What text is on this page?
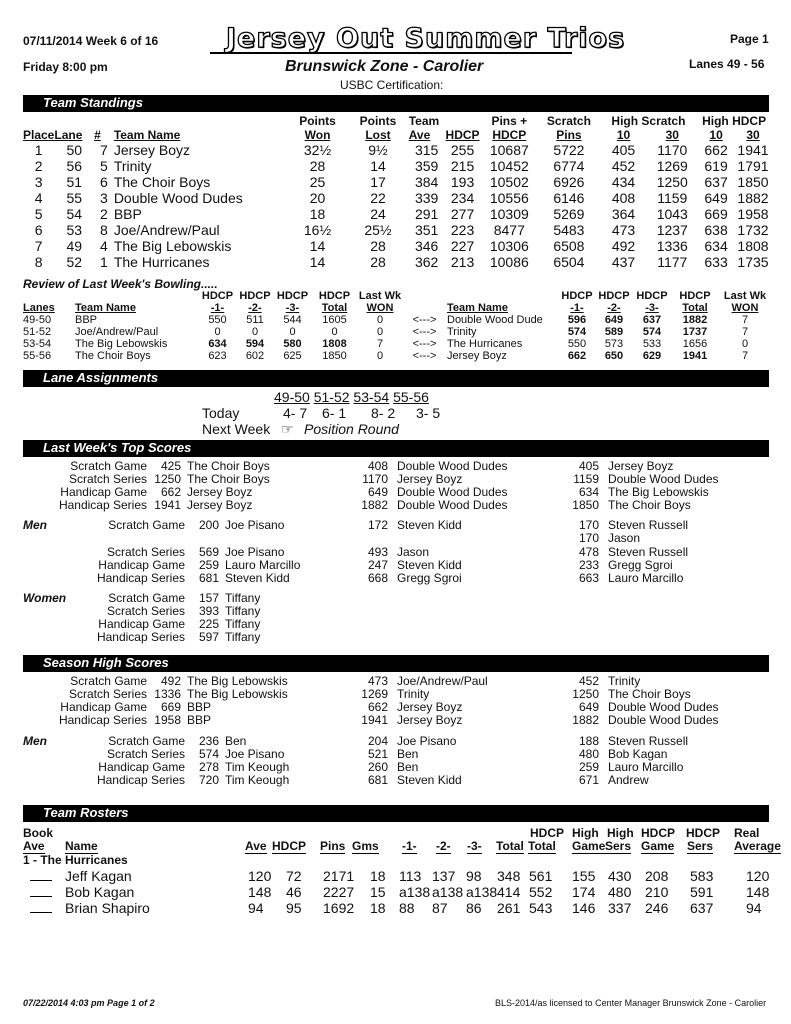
07/11/2014 Week 6 of 16	Jersey Out Summer Trios	Page 1
Friday 8:00 pm	Brunswick Zone - Carolier	Lanes 49 - 56
USBC Certification:
Team Standings
				Points	Points	Team		Pins +	Scratch	High Scratch		High HDCP	
Place	Lane	#	Team Name	Won	Lost	Ave	HDCP	HDCP	Pins	10	30	10	30
1	50	7	Jersey Boyz	32½	9½	315	255	10687	5722	405	1170	662	1941
2	56	5	Trinity	28	14	359	215	10452	6774	452	1269	619	1791
3	51	6	The Choir Boys	25	17	384	193	10502	6926	434	1250	637	1850
4	55	3	Double Wood Dudes	20	22	339	234	10556	6146	408	1159	649	1882
5	54	2	BBP	18	24	291	277	10309	5269	364	1043	669	1958
6	53	8	Joe/Andrew/Paul	16½	25½	351	223	8477	5483	473	1237	638	1732
7	49	4	The Big Lebowskis	14	28	346	227	10306	6508	492	1336	634	1808
8	52	1	The Hurricanes	14	28	362	213	10086	6504	437	1177	633	1735
Review of Last Week's Bowling.....
		HDCP	HDCP	HDCP	HDCP	Last Wk			HDCP	HDCP	HDCP	HDCP	Last Wk
Lanes	Team Name	-1-	-2-	-3-	Total	WON		Team Name	-1-	-2-	-3-	Total	WON
49-50	BBP	550	511	544	1605	0	<--->	Double Wood Dude	596	649	637	1882	7
51-52	Joe/Andrew/Paul	0	0	0	0	0	<--->	Trinity	574	589	574	1737	7
53-54	The Big Lebowskis	634	594	580	1808	7	<--->	The Hurricanes	550	573	533	1656	0
55-56	The Choir Boys	623	602	625	1850	0	<--->	Jersey Boyz	662	650	629	1941	7
Lane Assignments
49-50 51-52 53-54 55-56
Today	4- 7 6- 1 8- 2 3- 5
Next Week ☞ Position Round
Last Week's Top Scores
Scratch Game	425 The Choir Boys	408 Double Wood Dudes	405 Jersey Boyz
Scratch Series 1250 The Choir Boys	1170 Jersey Boyz	1159 Double Wood Dudes
Handicap Game	662 Jersey Boyz	649 Double Wood Dudes	634 The Big Lebowskis
Handicap Series 1941 Jersey Boyz	1882 Double Wood Dudes	1850 The Choir Boys
Men	Scratch Game	200 Joe Pisano	172 Steven Kidd	170 Steven Russell
170 Jason
Scratch Series	569 Joe Pisano	493 Jason	478 Steven Russell
Handicap Game	259 Lauro Marcillo	247 Steven Kidd	233 Gregg Sgroi
Handicap Series	681 Steven Kidd	668 Gregg Sgroi	663 Lauro Marcillo
Women	Scratch Game	157 Tiffany
Scratch Series	393 Tiffany
Handicap Game	225 Tiffany
Handicap Series	597 Tiffany
Season High Scores
Scratch Game	492 The Big Lebowskis	473 Joe/Andrew/Paul	452 Trinity
Scratch Series 1336 The Big Lebowskis	1269 Trinity	1250 The Choir Boys
Handicap Game	669 BBP	662 Jersey Boyz	649 Double Wood Dudes
Handicap Series 1958 BBP	1941 Jersey Boyz	1882 Double Wood Dudes
Men	Scratch Game	236 Ben	204 Joe Pisano	188 Steven Russell
Scratch Series	574 Joe Pisano	521 Ben	480 Bob Kagan
Handicap Game	278 Tim Keough	260 Ben	259 Lauro Marcillo
Handicap Series	720 Tim Keough	681 Steven Kidd	671 Andrew
Team Rosters
Book	HDCP High High HDCP HDCP Real
Ave Name	Ave HDCP Pins Gms -1- -2- -3- Total Total Game Sers Game Sers Average
1 - The Hurricanes
Jeff Kagan	120 72 2171 18 113 137 98 348 561 155 430 208 583 120
Bob Kagan	148 46 2227 15 a138 a138 a138 414 552 174 480 210 591 148
Brian Shapiro	94 95 1692 18 88 87 86 261 543 146 337 246 637 94
07/22/2014 4:03 pm Page 1 of 2	BLS-2014/as licensed to Center Manager Brunswick Zone - Carolier
